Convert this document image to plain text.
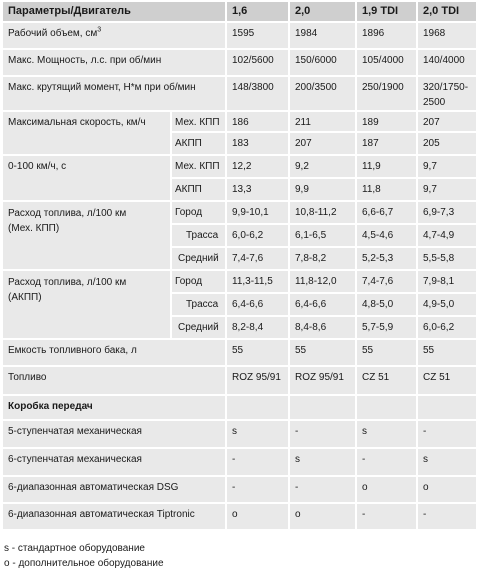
Параметры/Двигатель		1,6	2,0	1,9 TDI	2,0 TDI
Рабочий объем, $см^3$		1595	1984	1896	1968
Макс. Мощность, л.с. при об/мин		102/5600	150/6000	105/4000	140/4000
Макс. крутящий момент, Н*м при об/мин		148/3800	200/3500	250/1900	320/1750-2500
Максимальная скорость, км/ч	Мех. КПП	186	211	189	207
	АКПП	183	207	187	205
0-100 км/ч, с	Мех. КПП	12,2	9,2	11,9	9,7
	АКПП	13,3	9,9	11,8	9,7

Расход топлива, л/100 км
(Мех. КПП)	Город	9,9-10,1	10,8-11,2	6,6-6,7	6,9-7,3
	Трасса	6,0-6,2	6,1-6,5	4,5-4,6	4,7-4,9
	Средний	7,4-7,6	7,8-8,2	5,2-5,3	5,5-5,8

Расход топлива, л/100 км
(АКПП)	Город	11,3-11,5	11,8-12,0	7,4-7,6	7,9-8,1
	Трасса	6,4-6,6	6,4-6,6	4,8-5,0	4,9-5,0
	Средний	8,2-8,4	8,4-8,6	5,7-5,9	6,0-6,2
Емкость топливного бака, л		55	55	55	55
Топливо		ROZ 95/91	ROZ 95/91	CZ 51	CZ 51
Коробка передач					
5-ступенчатая механическая		s	-	s	-
6-ступенчатая механическая		-	s	-	s
6-диапазонная автоматическая DSG		-	-	o	o
6-диапазонная автоматическая Tiptronic		o	o	-	-
s - стандартное оборудование
o - дополнительное оборудование
